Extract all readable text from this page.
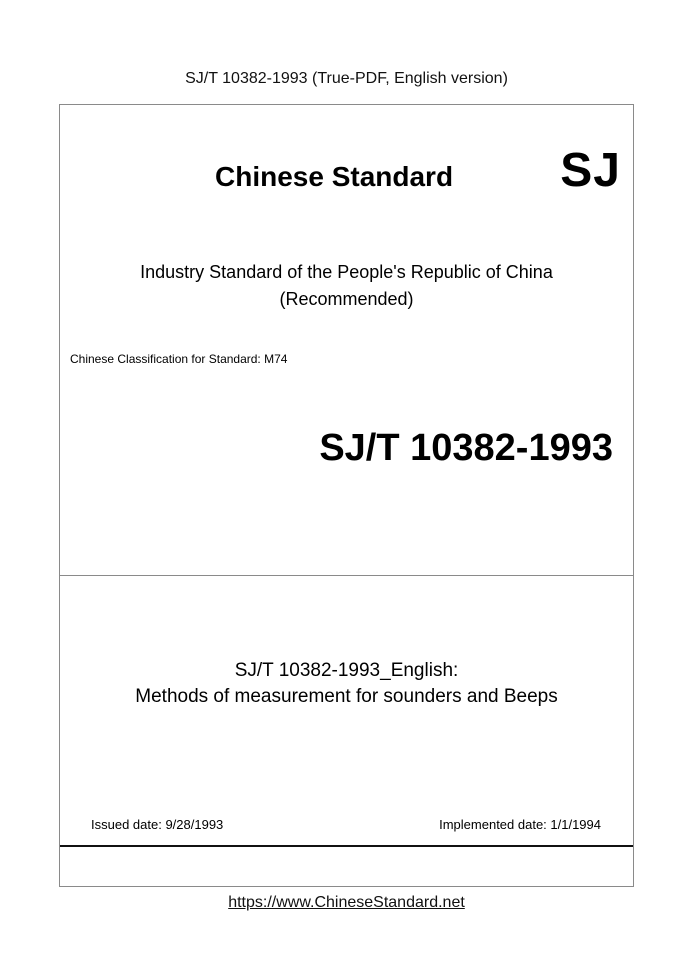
SJ/T 10382-1993 (True-PDF, English version)
Chinese Standard SJ
Industry Standard of the People's Republic of China
(Recommended)
Chinese Classification for Standard: M74
SJ/T 10382-1993
SJ/T 10382-1993_English:
Methods of measurement for sounders and Beeps
Issued date: 9/28/1993	Implemented date: 1/1/1994
https://www.ChineseStandard.net
